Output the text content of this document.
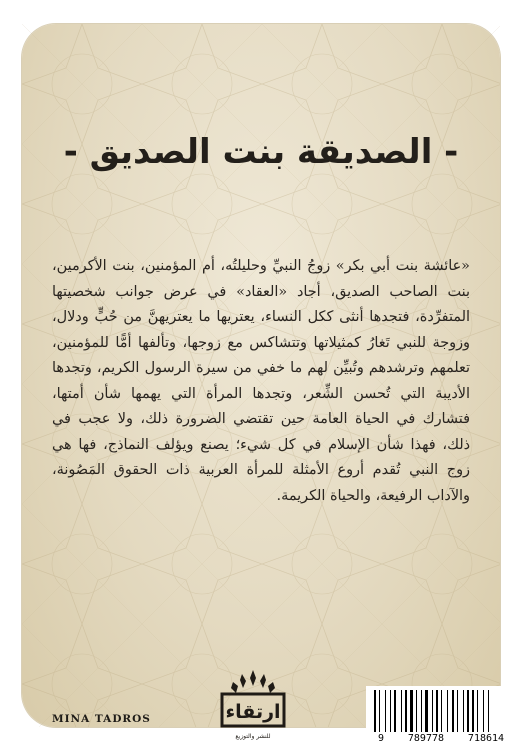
- الصديقة بنت الصديق -

«عائشة بنت أبي بكر» زوجُ النبيِّ وحليلتُه، أم المؤمنين، بنت الأكرمين، بنت الصاحب الصديق، أجاد «العقاد» في عرض جوانب شخصيتها المتفرِّدة، فتجدها أنثى ككل النساء، يعتريها ما يعتريهنَّ من حُبٍّ ودلال، وزوجة للنبي تَغارُ كمثيلاتها وتتشاكس مع زوجها، وتألفها أمًّا للمؤمنين، تعلمهم وترشدهم وتُبيِّن لهم ما خفي من سيرة الرسول الكريم، وتجدها الأديبة التي تُحسن الشِّعر، وتجدها المرأة التي يهمها شأن أمتها، فتشارك في الحياة العامة حين تقتضي الضرورة ذلك، ولا عجب في ذلك، فهذا شأن الإسلام في كل شيء؛ يصنع ويؤلف النماذج، فها هي زوج النبي تُقدم أروع الأمثلة للمرأة العربية ذات الحقوق المَصُونة، والآداب الرفيعة، والحياة الكريمة.

MINA TADROS	ارتقاء
للنشر والتوزيع	9 789778 718614
